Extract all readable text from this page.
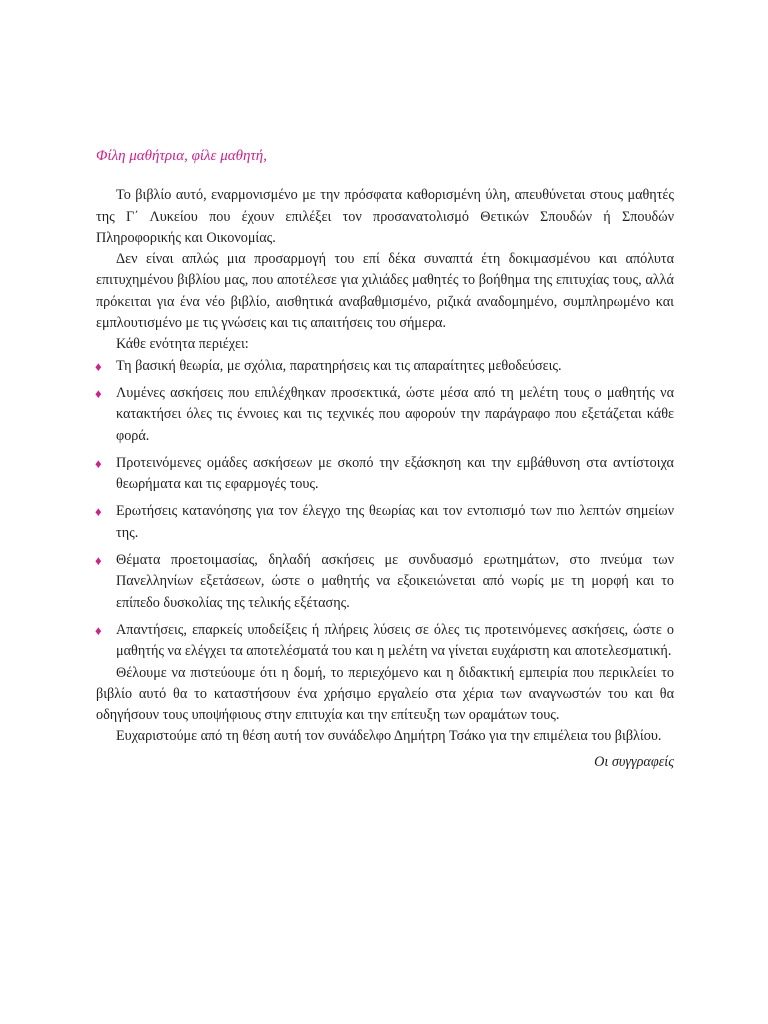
Φίλη μαθήτρια, φίλε μαθητή,

Το βιβλίο αυτό, εναρμονισμένο με την πρόσφατα καθορισμένη ύλη, απευθύνεται στους μαθητές της Γ΄ Λυκείου που έχουν επιλέξει τον προσανατολισμό Θετικών Σπουδών ή Σπουδών Πληροφορικής και Οικονομίας.

Δεν είναι απλώς μια προσαρμογή του επί δέκα συναπτά έτη δοκιμασμένου και απόλυτα επιτυχημένου βιβλίου μας, που αποτέλεσε για χιλιάδες μαθητές το βοήθημα της επιτυχίας τους, αλλά πρόκειται για ένα νέο βιβλίο, αισθητικά αναβαθμισμένο, ριζικά αναδομημένο, συμπληρωμένο και εμπλουτισμένο με τις γνώσεις και τις απαιτήσεις του σήμερα.

Κάθε ενότητα περιέχει:

♦ Τη βασική θεωρία, με σχόλια, παρατηρήσεις και τις απαραίτητες μεθοδεύσεις.
♦ Λυμένες ασκήσεις που επιλέχθηκαν προσεκτικά, ώστε μέσα από τη μελέτη τους ο μαθητής να κατακτήσει όλες τις έννοιες και τις τεχνικές που αφορούν την παράγραφο που εξετάζεται κάθε φορά.
♦ Προτεινόμενες ομάδες ασκήσεων με σκοπό την εξάσκηση και την εμβάθυνση στα αντίστοιχα θεωρήματα και τις εφαρμογές τους.
♦ Ερωτήσεις κατανόησης για τον έλεγχο της θεωρίας και τον εντοπισμό των πιο λεπτών σημείων της.
♦ Θέματα προετοιμασίας, δηλαδή ασκήσεις με συνδυασμό ερωτημάτων, στο πνεύμα των Πανελληνίων εξετάσεων, ώστε ο μαθητής να εξοικειώνεται από νωρίς με τη μορφή και το επίπεδο δυσκολίας της τελικής εξέτασης.
♦ Απαντήσεις, επαρκείς υποδείξεις ή πλήρεις λύσεις σε όλες τις προτεινόμενες ασκήσεις, ώστε ο μαθητής να ελέγχει τα αποτελέσματά του και η μελέτη να γίνεται ευχάριστη και αποτελεσματική.

Θέλουμε να πιστεύουμε ότι η δομή, το περιεχόμενο και η διδακτική εμπειρία που περικλείει το βιβλίο αυτό θα το καταστήσουν ένα χρήσιμο εργαλείο στα χέρια των αναγνωστών του και θα οδηγήσουν τους υποψήφιους στην επιτυχία και την επίτευξη των οραμάτων τους.

Ευχαριστούμε από τη θέση αυτή τον συνάδελφο Δημήτρη Τσάκο για την επιμέλεια του βιβλίου.

Οι συγγραφείς
